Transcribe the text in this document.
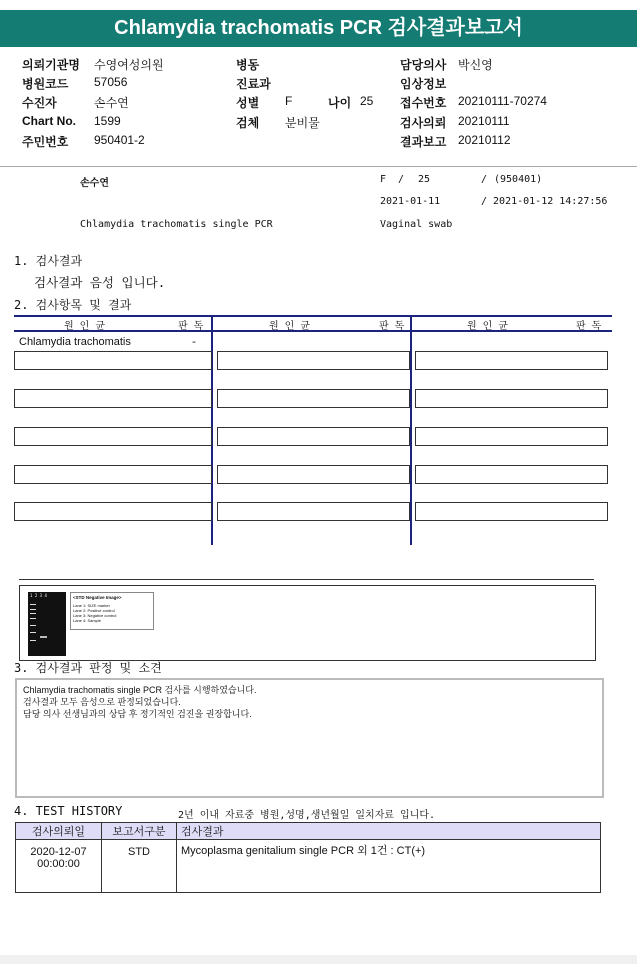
Chlamydia trachomatis PCR 검사결과보고서
의뢰기관명 수영여성의원
병원코드 57056
수진자	손수연
Chart No. 1599
주민번호 950401-2
병동
진료과
성별 F	나이 25
검체 분비물
담당의사 박신영
임상정보
접수번호 20210111-70274
검사의뢰 20210111
결과보고 20210112
손수연	F / 25	/ (950401)
2021-01-11	/ 2021-01-12 14:27:56
Chlamydia trachomatis single PCR	Vaginal swab
1. 검사결과
검사결과 음성 입니다.
2. 검사항목 및 결과
원 인 균	판 독	원 인 균	판 독	원 인 균	판 독
Chlamydia trachomatis	-
1 2 3 4	<STD Negative Image>
Lane 1: SIZE marker
Lane 2: Positive control
Lane 3: Negative control
Lane 4: Sample
3. 검사결과 판정 및 소견
Chlamydia trachomatis single PCR 검사를 시행하였습니다.
검사결과 모두 음성으로 판정되었습니다.
담당 의사 선생님과의 상담 후 정기적인 검진을 권장합니다.
4. TEST HISTORY	2년 이내 자료중 병원,성명,생년월일 일치자료 입니다.
검사의뢰일	보고서구분	검사결과

2020-12-07
00:00:00	STD	Mycoplasma genitalium single PCR 외 1건 : CT(+)
